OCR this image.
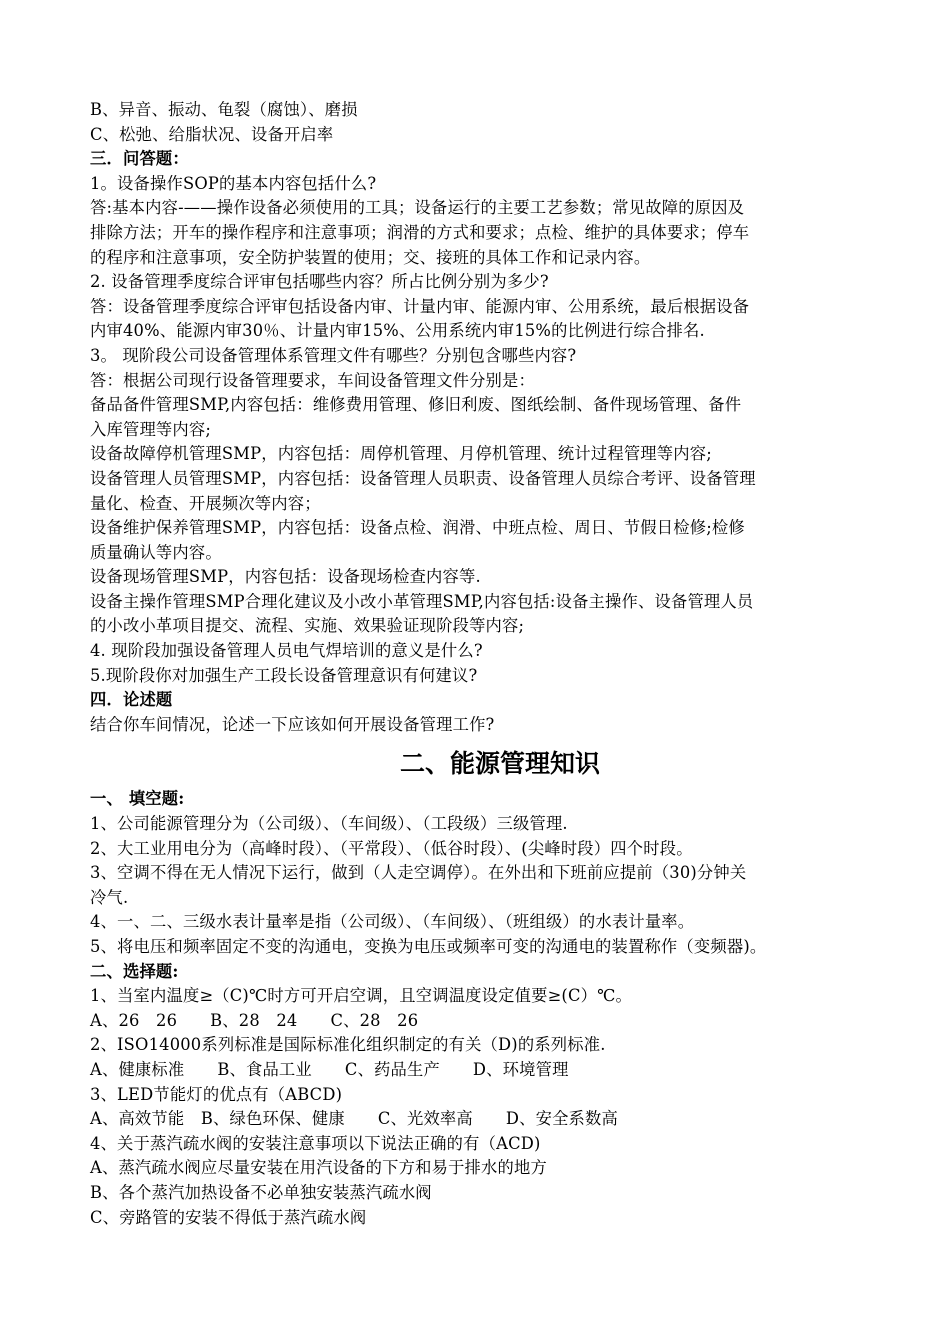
B、异音、振动、龟裂（腐蚀）、磨损
C、松弛、给脂状况、设备开启率
三．问答题：
1。设备操作SOP的基本内容包括什么?
答:基本内容-——操作设备必须使用的工具；设备运行的主要工艺参数；常见故障的原因及
排除方法；开车的操作程序和注意事项；润滑的方式和要求；点检、维护的具体要求；停车
的程序和注意事项，安全防护装置的使用；交、接班的具体工作和记录内容。
2. 设备管理季度综合评审包括哪些内容？所占比例分别为多少?
答：设备管理季度综合评审包括设备内审、计量内审、能源内审、公用系统，最后根据设备
内审40%、能源内审30％、计量内审15%、公用系统内审15%的比例进行综合排名.
3。 现阶段公司设备管理体系管理文件有哪些？分别包含哪些内容?
答：根据公司现行设备管理要求，车间设备管理文件分别是：
备品备件管理SMP,内容包括：维修费用管理、修旧利废、图纸绘制、备件现场管理、备件
入库管理等内容;
设备故障停机管理SMP，内容包括：周停机管理、月停机管理、统计过程管理等内容;
设备管理人员管理SMP，内容包括：设备管理人员职责、设备管理人员综合考评、设备管理
量化、检查、开展频次等内容；
设备维护保养管理SMP，内容包括：设备点检、润滑、中班点检、周日、节假日检修;检修
质量确认等内容。
设备现场管理SMP，内容包括：设备现场检查内容等.
设备主操作管理SMP合理化建议及小改小革管理SMP,内容包括:设备主操作、设备管理人员
的小改小革项目提交、流程、实施、效果验证现阶段等内容;
4. 现阶段加强设备管理人员电气焊培训的意义是什么?
5.现阶段你对加强生产工段长设备管理意识有何建议?
四．论述题
结合你车间情况，论述一下应该如何开展设备管理工作?
二、能源管理知识
一、 填空题:
1、公司能源管理分为（公司级）、（车间级）、（工段级）三级管理.
2、大工业用电分为（高峰时段）、（平常段）、（低谷时段）、(尖峰时段）四个时段。
3、空调不得在无人情况下运行，做到（人走空调停）。在外出和下班前应提前（30)分钟关
冷气.
4、一、二、三级水表计量率是指（公司级）、（车间级）、（班组级）的水表计量率。
5、将电压和频率固定不变的沟通电，变换为电压或频率可变的沟通电的装置称作（变频器)。
二、选择题:
1、当室内温度≥（C)℃时方可开启空调，且空调温度设定值要≥(C）℃。
A、26　26　　B、28　24　　C、28　26
2、ISO14000系列标准是国际标准化组织制定的有关（D)的系列标准.
A、健康标准　　B、食品工业　　C、药品生产　　D、环境管理
3、LED节能灯的优点有（ABCD)
A、高效节能　B、绿色环保、健康　　C、光效率高　　D、安全系数高
4、关于蒸汽疏水阀的安装注意事项以下说法正确的有（ACD)
A、蒸汽疏水阀应尽量安装在用汽设备的下方和易于排水的地方
B、各个蒸汽加热设备不必单独安装蒸汽疏水阀
C、旁路管的安装不得低于蒸汽疏水阀
